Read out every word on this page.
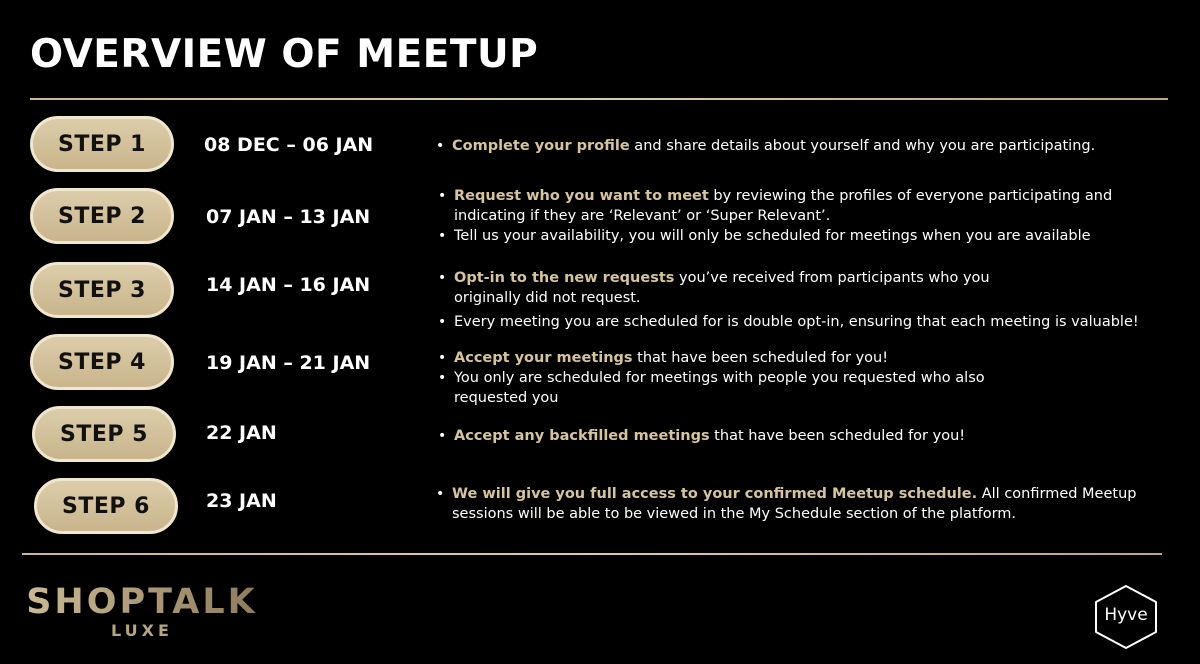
OVERVIEW OF MEETUP
STEP 1	08 DEC – 06 JAN	• Complete your profile and share details about yourself and why you are participating.
STEP 2	07 JAN – 13 JAN
• Request who you want to meet by reviewing the profiles of everyone participating and indicating if they are ‘Relevant’ or ‘Super Relevant’.
• Tell us your availability, you will only be scheduled for meetings when you are available
STEP 3	14 JAN – 16 JAN	• Opt-in to the new requests you’ve received from participants who you originally did not request.
• Every meeting you are scheduled for is double opt-in, ensuring that each meeting is valuable!
STEP 4	19 JAN – 21 JAN	• Accept your meetings that have been scheduled for you!
• You only are scheduled for meetings with people you requested who also requested you
STEP 5	22 JAN	• Accept any backfilled meetings that have been scheduled for you!
STEP 6	23 JAN	• We will give you full access to your confirmed Meetup schedule. All confirmed Meetup sessions will be able to be viewed in the My Schedule section of the platform.
SHOPTALK
LUXE
Hyve
